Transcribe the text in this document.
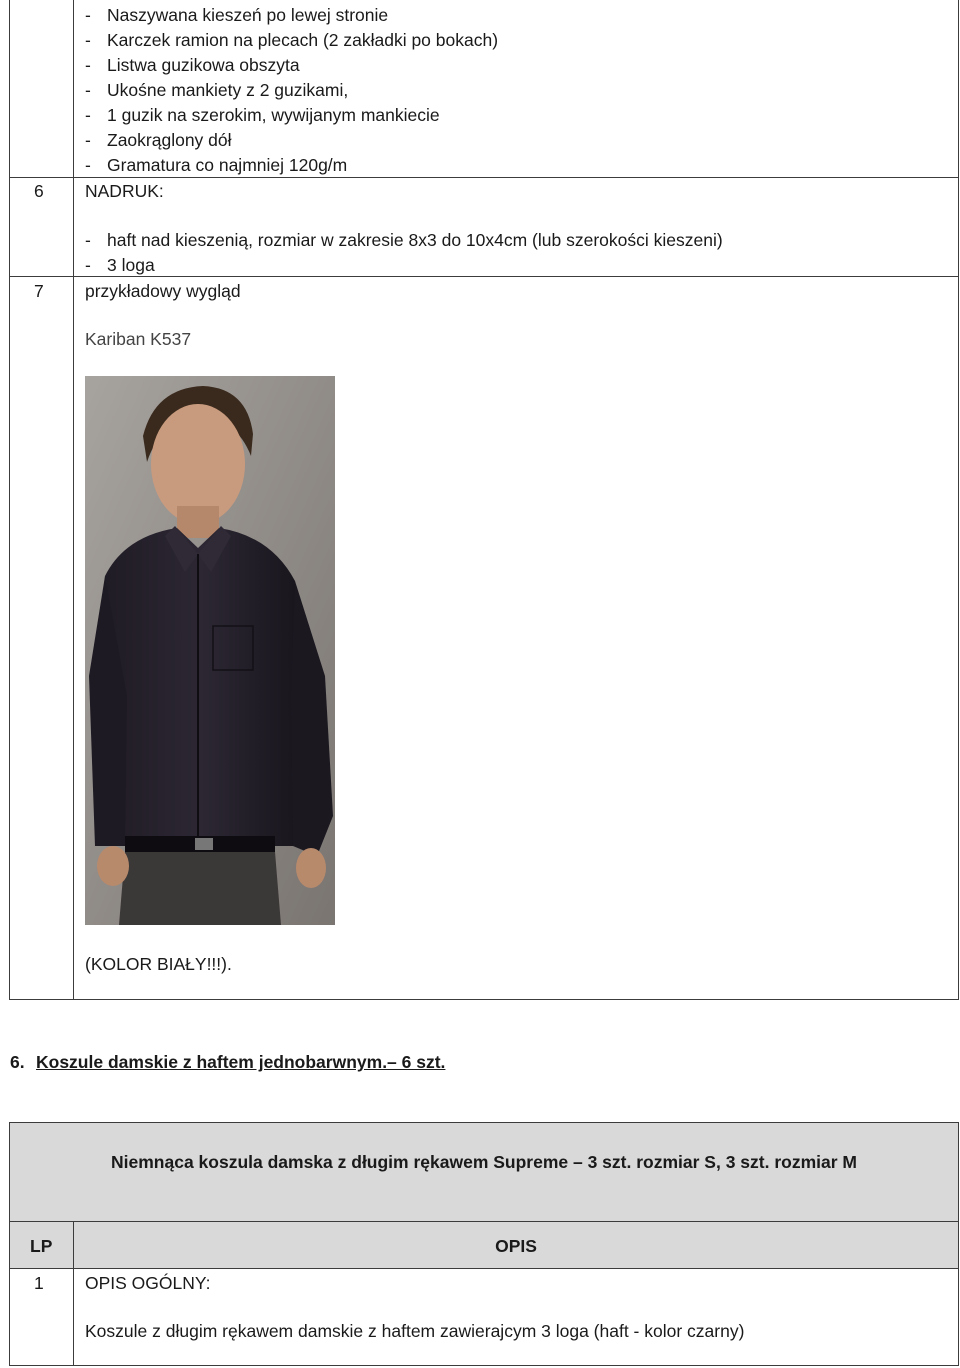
- Naszywana kieszeń po lewej stronie
- Karczek ramion na plecach (2 zakładki po bokach)
- Listwa guzikowa obszyta
- Ukośne mankiety z 2 guzikami,
- 1 guzik na szerokim, wywijanym mankiecie
- Zaokrąglony dół
- Gramatura co najmniej 120g/m
6 NADRUK:
- haft nad kieszenią, rozmiar w zakresie 8x3 do 10x4cm (lub szerokości kieszeni)
- 3 loga
7 przykładowy wygląd
Kariban K537
(KOLOR BIAŁY!!!).
6. Koszule damskie z haftem jednobarwnym.– 6 szt.
Niemnąca koszula damska z długim rękawem Supreme – 3 szt. rozmiar S, 3 szt. rozmiar M
LP	OPIS
1 OPIS OGÓLNY:
Koszule z długim rękawem damskie z haftem zawierajcym 3 loga (haft - kolor czarny)
